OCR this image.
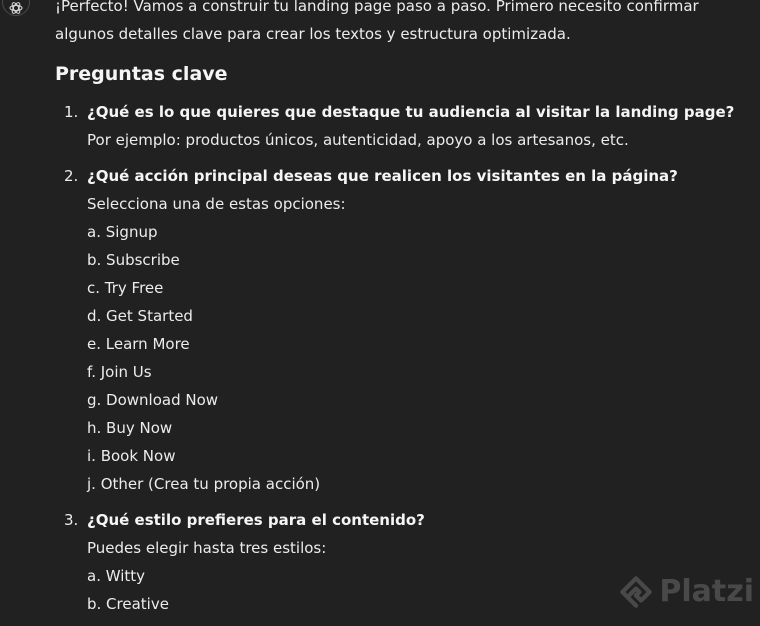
¡Perfecto! Vamos a construir tu landing page paso a paso. Primero necesito confirmar algunos detalles clave para crear los textos y estructura optimizada.

Preguntas clave
1. ¿Qué es lo que quieres que destaque tu audiencia al visitar la landing page?
Por ejemplo: productos únicos, autenticidad, apoyo a los artesanos, etc.
2. ¿Qué acción principal deseas que realicen los visitantes en la página?
Selecciona una de estas opciones:
a. Signup
b. Subscribe
c. Try Free
d. Get Started
e. Learn More
f. Join Us
g. Download Now
h. Buy Now
i. Book Now
j. Other (Crea tu propia acción)
3. ¿Qué estilo prefieres para el contenido?
Puedes elegir hasta tres estilos:
a. Witty
b. Creative	Platzi
